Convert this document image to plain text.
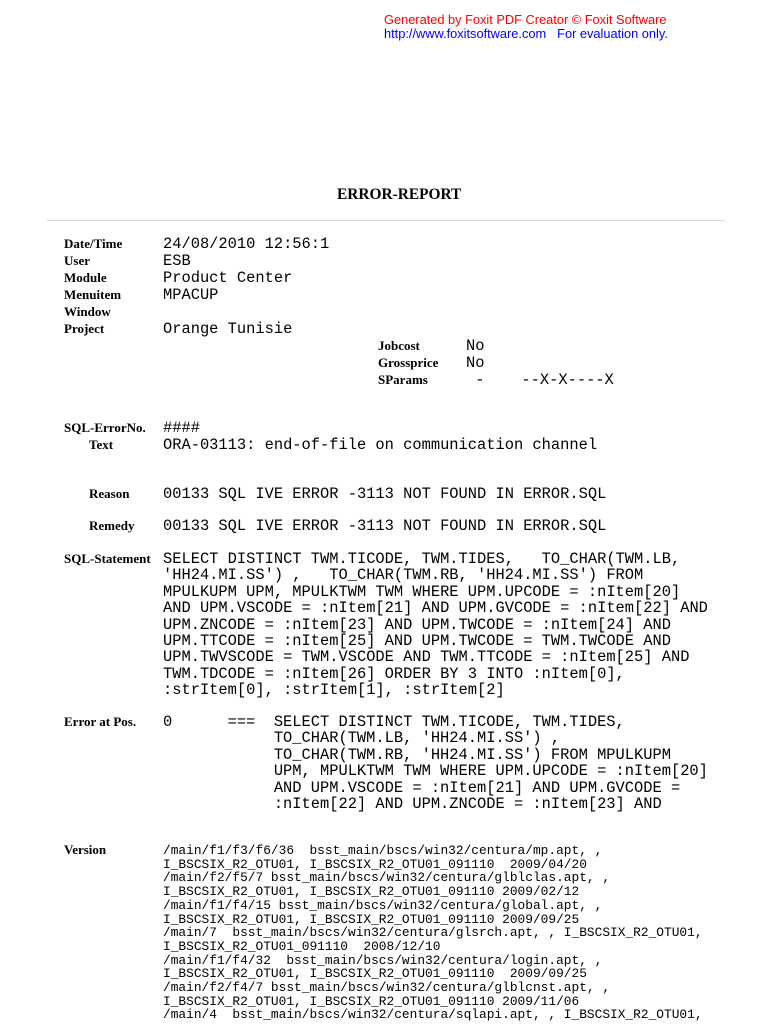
Generated by Foxit PDF Creator © Foxit Software
http://www.foxitsoftware.com For evaluation only.
ERROR-REPORT
Date/Time	24/08/2010 12:56:1
User	ESB
Module	Product Center
Menuitem	MPACUP
Window
Project	Orange Tunisie
Jobcost	No
Grossprice	No
SParams	- --X-X----X
SQL-ErrorNo.	####
Text	ORA-03113: end-of-file on communication channel
Reason	00133 SQL IVE ERROR -3113 NOT FOUND IN ERROR.SQL
Remedy	00133 SQL IVE ERROR -3113 NOT FOUND IN ERROR.SQL
SQL-Statement SELECT DISTINCT TWM.TICODE, TWM.TIDES,   TO_CHAR(TWM.LB,
'HH24.MI.SS') ,   TO_CHAR(TWM.RB, 'HH24.MI.SS') FROM
MPULKUPM UPM, MPULKTWM TWM WHERE UPM.UPCODE = :nItem[20]
AND UPM.VSCODE = :nItem[21] AND UPM.GVCODE = :nItem[22] AND
UPM.ZNCODE = :nItem[23] AND UPM.TWCODE = :nItem[24] AND
UPM.TTCODE = :nItem[25] AND UPM.TWCODE = TWM.TWCODE AND
UPM.TWVSCODE = TWM.VSCODE AND TWM.TTCODE = :nItem[25] AND
TWM.TDCODE = :nItem[26] ORDER BY 3 INTO :nItem[0],
:strItem[0], :strItem[1], :strItem[2]
Error at Pos.	0	===	SELECT DISTINCT TWM.TICODE, TWM.TIDES,
TO_CHAR(TWM.LB, 'HH24.MI.SS') ,
TO_CHAR(TWM.RB, 'HH24.MI.SS') FROM MPULKUPM
UPM, MPULKTWM TWM WHERE UPM.UPCODE = :nItem[20]
AND UPM.VSCODE = :nItem[21] AND UPM.GVCODE =
:nItem[22] AND UPM.ZNCODE = :nItem[23] AND
Version	/main/f1/f3/f6/36  bsst_main/bscs/win32/centura/mp.apt, ,
I_BSCSIX_R2_OTU01, I_BSCSIX_R2_OTU01_091110  2009/04/20
/main/f2/f5/7 bsst_main/bscs/win32/centura/glblclas.apt, ,
I_BSCSIX_R2_OTU01, I_BSCSIX_R2_OTU01_091110 2009/02/12
/main/f1/f4/15 bsst_main/bscs/win32/centura/global.apt, ,
I_BSCSIX_R2_OTU01, I_BSCSIX_R2_OTU01_091110 2009/09/25
/main/7  bsst_main/bscs/win32/centura/glsrch.apt, , I_BSCSIX_R2_OTU01,
I_BSCSIX_R2_OTU01_091110  2008/12/10
/main/f1/f4/32  bsst_main/bscs/win32/centura/login.apt, ,
I_BSCSIX_R2_OTU01, I_BSCSIX_R2_OTU01_091110  2009/09/25
/main/f2/f4/7 bsst_main/bscs/win32/centura/glblcnst.apt, ,
I_BSCSIX_R2_OTU01, I_BSCSIX_R2_OTU01_091110 2009/11/06
/main/4  bsst_main/bscs/win32/centura/sqlapi.apt, , I_BSCSIX_R2_OTU01,
